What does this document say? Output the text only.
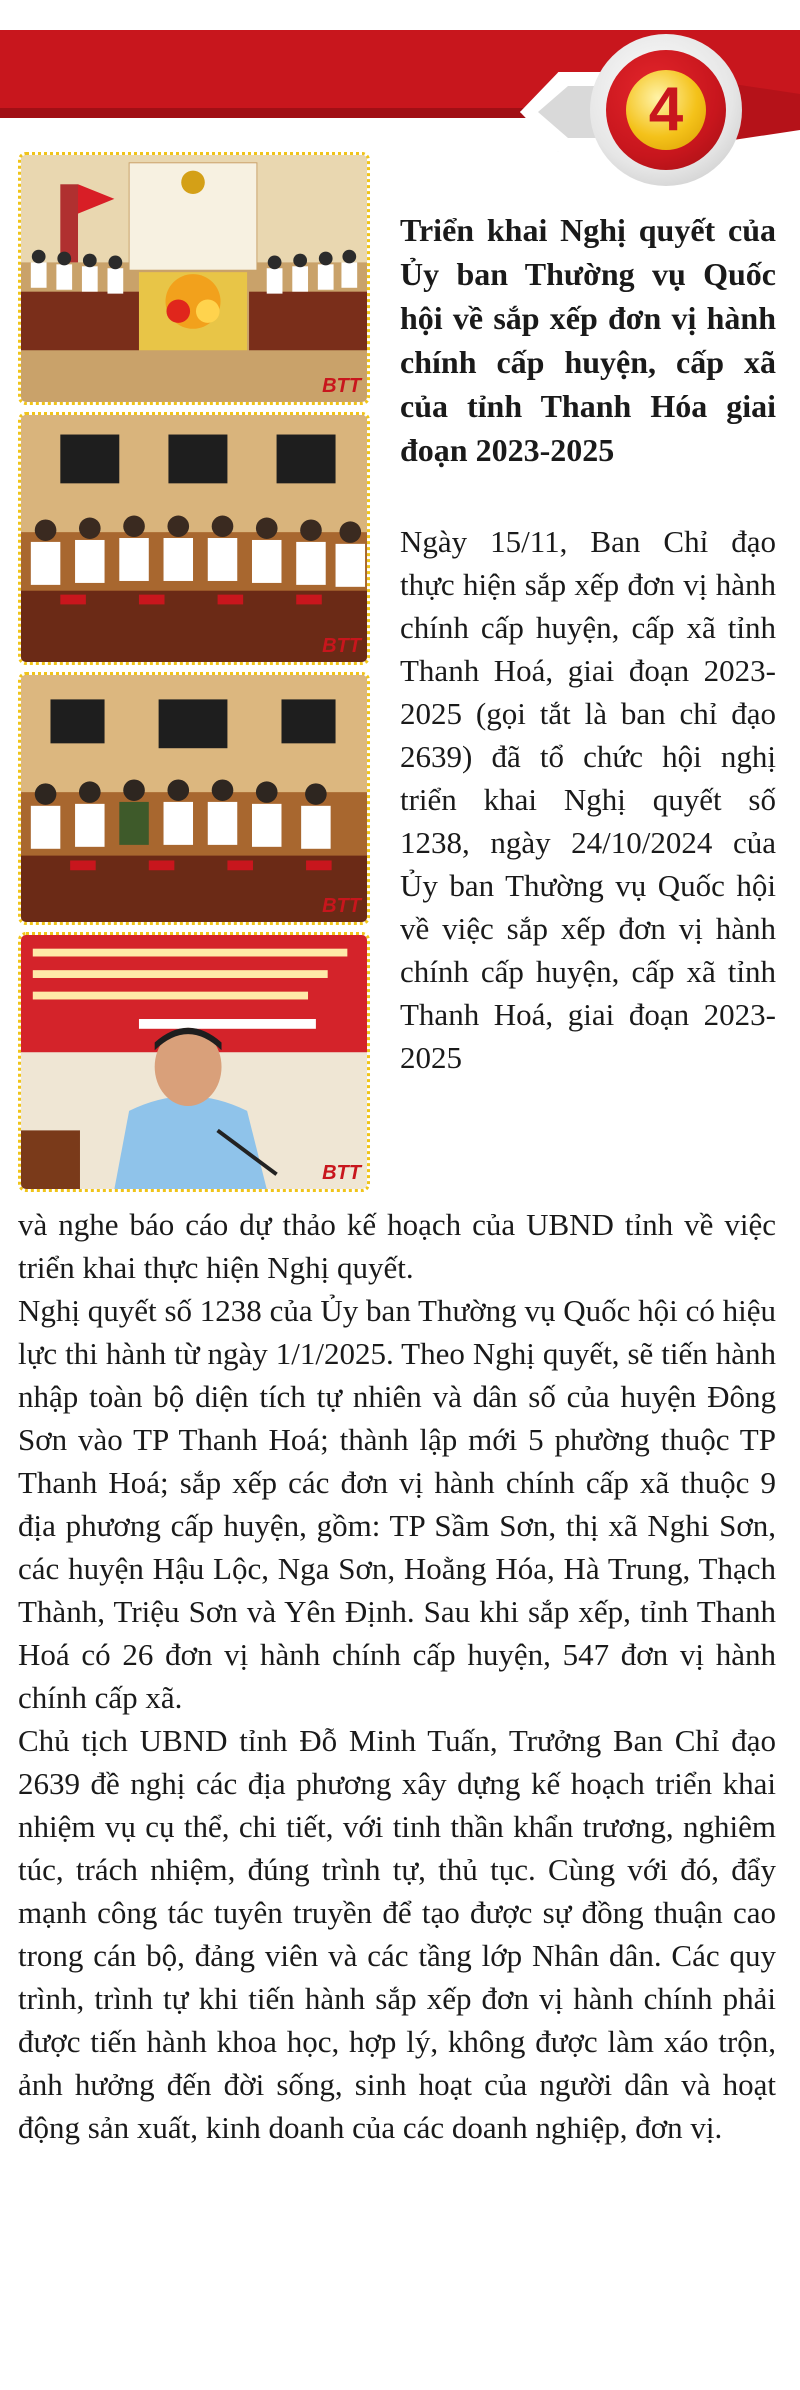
4
BTT
BTT
BTT
BTT
Triển khai Nghị quyết của Ủy ban Thường vụ Quốc hội về sắp xếp đơn vị hành chính cấp huyện, cấp xã của tỉnh Thanh Hóa giai đoạn 2023-2025

Ngày 15/11, Ban Chỉ đạo thực hiện sắp xếp đơn vị hành chính cấp huyện, cấp xã tỉnh Thanh Hoá, giai đoạn 2023-2025 (gọi tắt là ban chỉ đạo 2639) đã tổ chức hội nghị triển khai Nghị quyết số 1238, ngày 24/10/2024 của Ủy ban Thường vụ Quốc hội về việc sắp xếp đơn vị hành chính cấp huyện, cấp xã tỉnh Thanh Hoá, giai đoạn 2023-2025

và nghe báo cáo dự thảo kế hoạch của UBND tỉnh về việc triển khai thực hiện Nghị quyết.

Nghị quyết số 1238 của Ủy ban Thường vụ Quốc hội có hiệu lực thi hành từ ngày 1/1/2025. Theo Nghị quyết, sẽ tiến hành nhập toàn bộ diện tích tự nhiên và dân số của huyện Đông Sơn vào TP Thanh Hoá; thành lập mới 5 phường thuộc TP Thanh Hoá; sắp xếp các đơn vị hành chính cấp xã thuộc 9 địa phương cấp huyện, gồm: TP Sầm Sơn, thị xã Nghi Sơn, các huyện Hậu Lộc, Nga Sơn, Hoằng Hóa, Hà Trung, Thạch Thành, Triệu Sơn và Yên Định. Sau khi sắp xếp, tỉnh Thanh Hoá có 26 đơn vị hành chính cấp huyện, 547 đơn vị hành chính cấp xã.

Chủ tịch UBND tỉnh Đỗ Minh Tuấn, Trưởng Ban Chỉ đạo 2639 đề nghị các địa phương xây dựng kế hoạch triển khai nhiệm vụ cụ thể, chi tiết, với tinh thần khẩn trương, nghiêm túc, trách nhiệm, đúng trình tự, thủ tục. Cùng với đó, đẩy mạnh công tác tuyên truyền để tạo được sự đồng thuận cao trong cán bộ, đảng viên và các tầng lớp Nhân dân. Các quy trình, trình tự khi tiến hành sắp xếp đơn vị hành chính phải được tiến hành khoa học, hợp lý, không được làm xáo trộn, ảnh hưởng đến đời sống, sinh hoạt của người dân và hoạt động sản xuất, kinh doanh của các doanh nghiệp, đơn vị.
